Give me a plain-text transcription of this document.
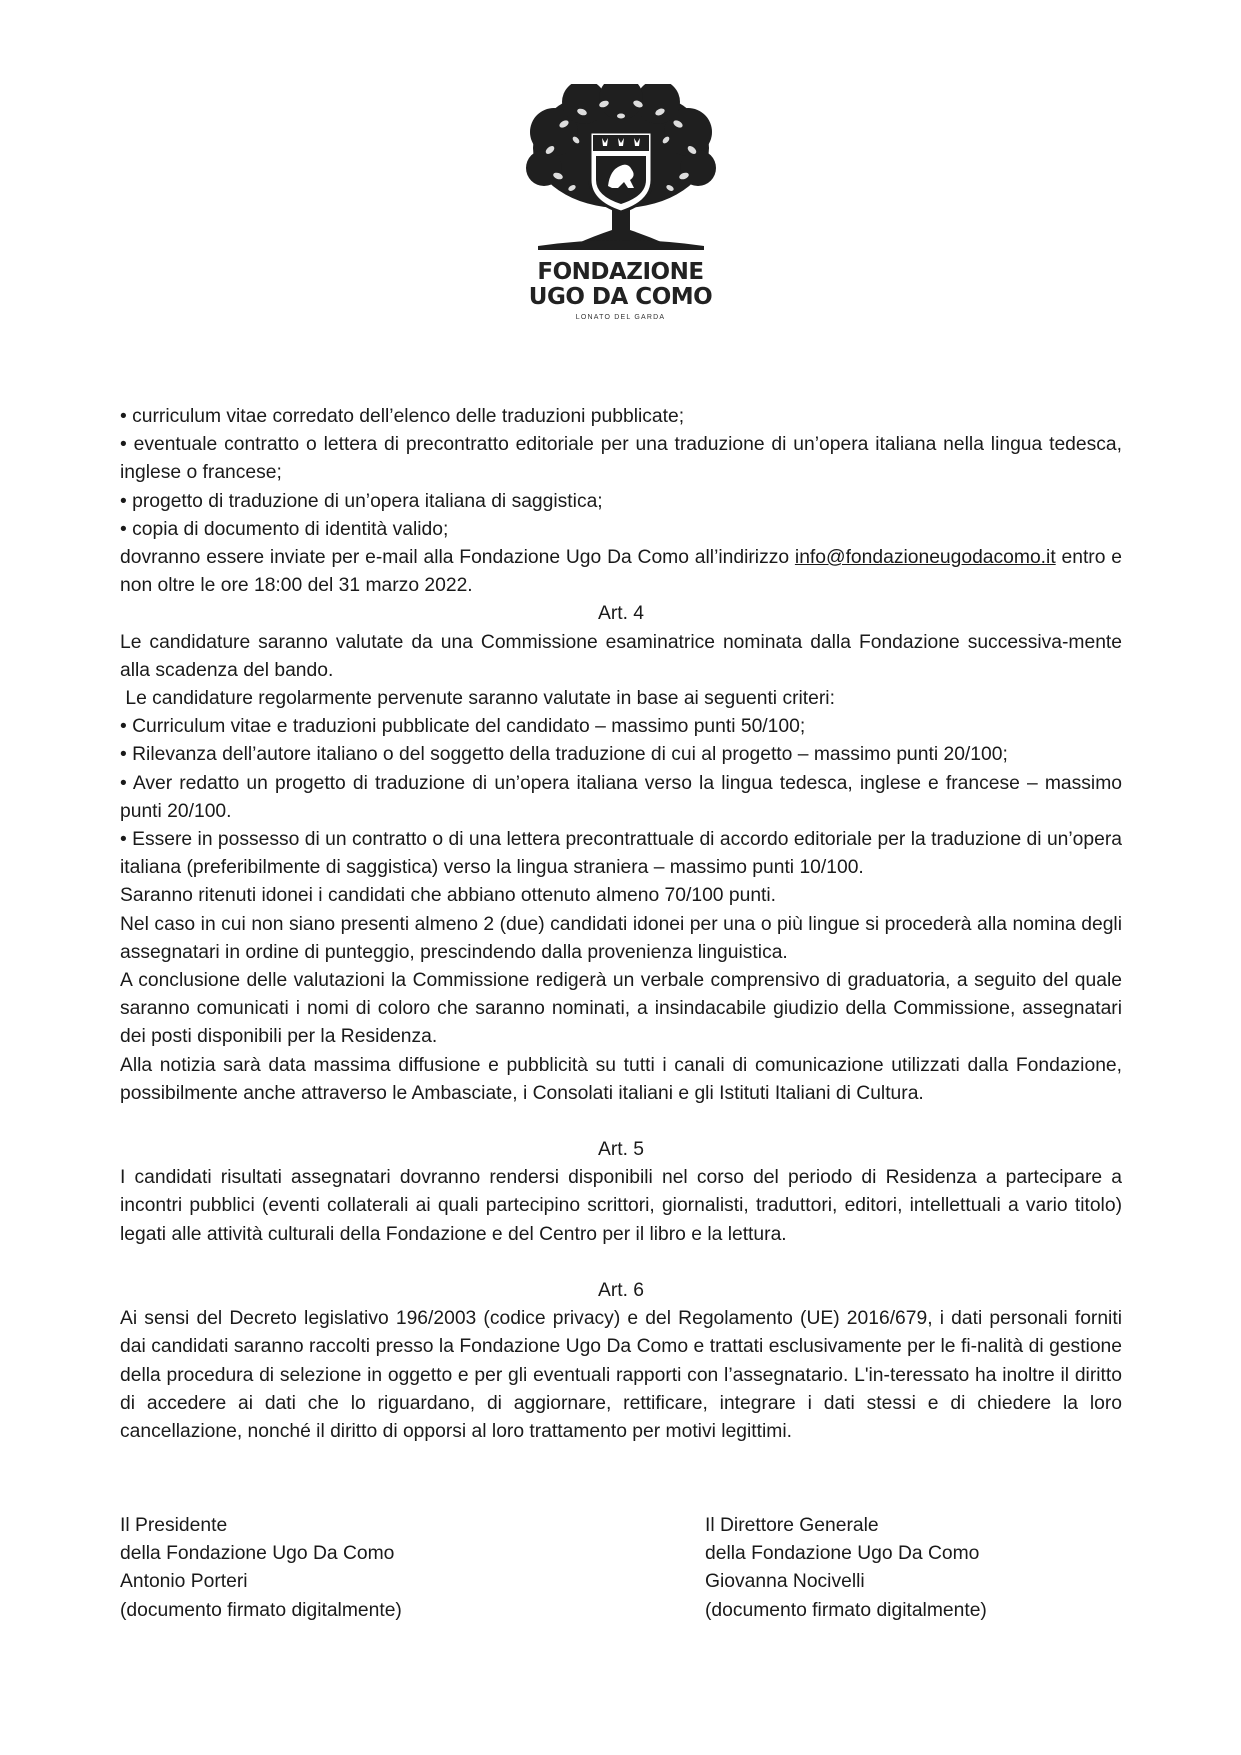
FONDAZIONE
UGO DA COMO
LONATO DEL GARDA

• curriculum vitae corredato dell’elenco delle traduzioni pubblicate;

• eventuale contratto o lettera di precontratto editoriale per una traduzione di un’opera italiana nella lingua tedesca, inglese o francese;

• progetto di traduzione di un’opera italiana di saggistica;

• copia di documento di identità valido;

dovranno essere inviate per e-mail alla Fondazione Ugo Da Como all’indirizzo info@fondazioneugodacomo.it entro e non oltre le ore 18:00 del 31 marzo 2022.

Art. 4

Le candidature saranno valutate da una Commissione esaminatrice nominata dalla Fondazione successiva-mente alla scadenza del bando.

Le candidature regolarmente pervenute saranno valutate in base ai seguenti criteri:

• Curriculum vitae e traduzioni pubblicate del candidato – massimo punti 50/100;

• Rilevanza dell’autore italiano o del soggetto della traduzione di cui al progetto – massimo punti 20/100;

• Aver redatto un progetto di traduzione di un’opera italiana verso la lingua tedesca, inglese e francese – massimo punti 20/100.

• Essere in possesso di un contratto o di una lettera precontrattuale di accordo editoriale per la traduzione di un’opera italiana (preferibilmente di saggistica) verso la lingua straniera – massimo punti 10/100.

Saranno ritenuti idonei i candidati che abbiano ottenuto almeno 70/100 punti.

Nel caso in cui non siano presenti almeno 2 (due) candidati idonei per una o più lingue si procederà alla nomina degli assegnatari in ordine di punteggio, prescindendo dalla provenienza linguistica.

A conclusione delle valutazioni la Commissione redigerà un verbale comprensivo di graduatoria, a seguito del quale saranno comunicati i nomi di coloro che saranno nominati, a insindacabile giudizio della Commissione, assegnatari dei posti disponibili per la Residenza.

Alla notizia sarà data massima diffusione e pubblicità su tutti i canali di comunicazione utilizzati dalla Fondazione, possibilmente anche attraverso le Ambasciate, i Consolati italiani e gli Istituti Italiani di Cultura.

Art. 5

I candidati risultati assegnatari dovranno rendersi disponibili nel corso del periodo di Residenza a partecipare a incontri pubblici (eventi collaterali ai quali partecipino scrittori, giornalisti, traduttori, editori, intellettuali a vario titolo) legati alle attività culturali della Fondazione e del Centro per il libro e la lettura.

Art. 6

Ai sensi del Decreto legislativo 196/2003 (codice privacy) e del Regolamento (UE) 2016/679, i dati personali forniti dai candidati saranno raccolti presso la Fondazione Ugo Da Como e trattati esclusivamente per le fi-nalità di gestione della procedura di selezione in oggetto e per gli eventuali rapporti con l’assegnatario. L'in-teressato ha inoltre il diritto di accedere ai dati che lo riguardano, di aggiornare, rettificare, integrare i dati stessi e di chiedere la loro cancellazione, nonché il diritto di opporsi al loro trattamento per motivi legittimi.

Il Presidente
della Fondazione Ugo Da Como
Antonio Porteri
(documento firmato digitalmente)
Il Direttore Generale
della Fondazione Ugo Da Como
Giovanna Nocivelli
(documento firmato digitalmente)
